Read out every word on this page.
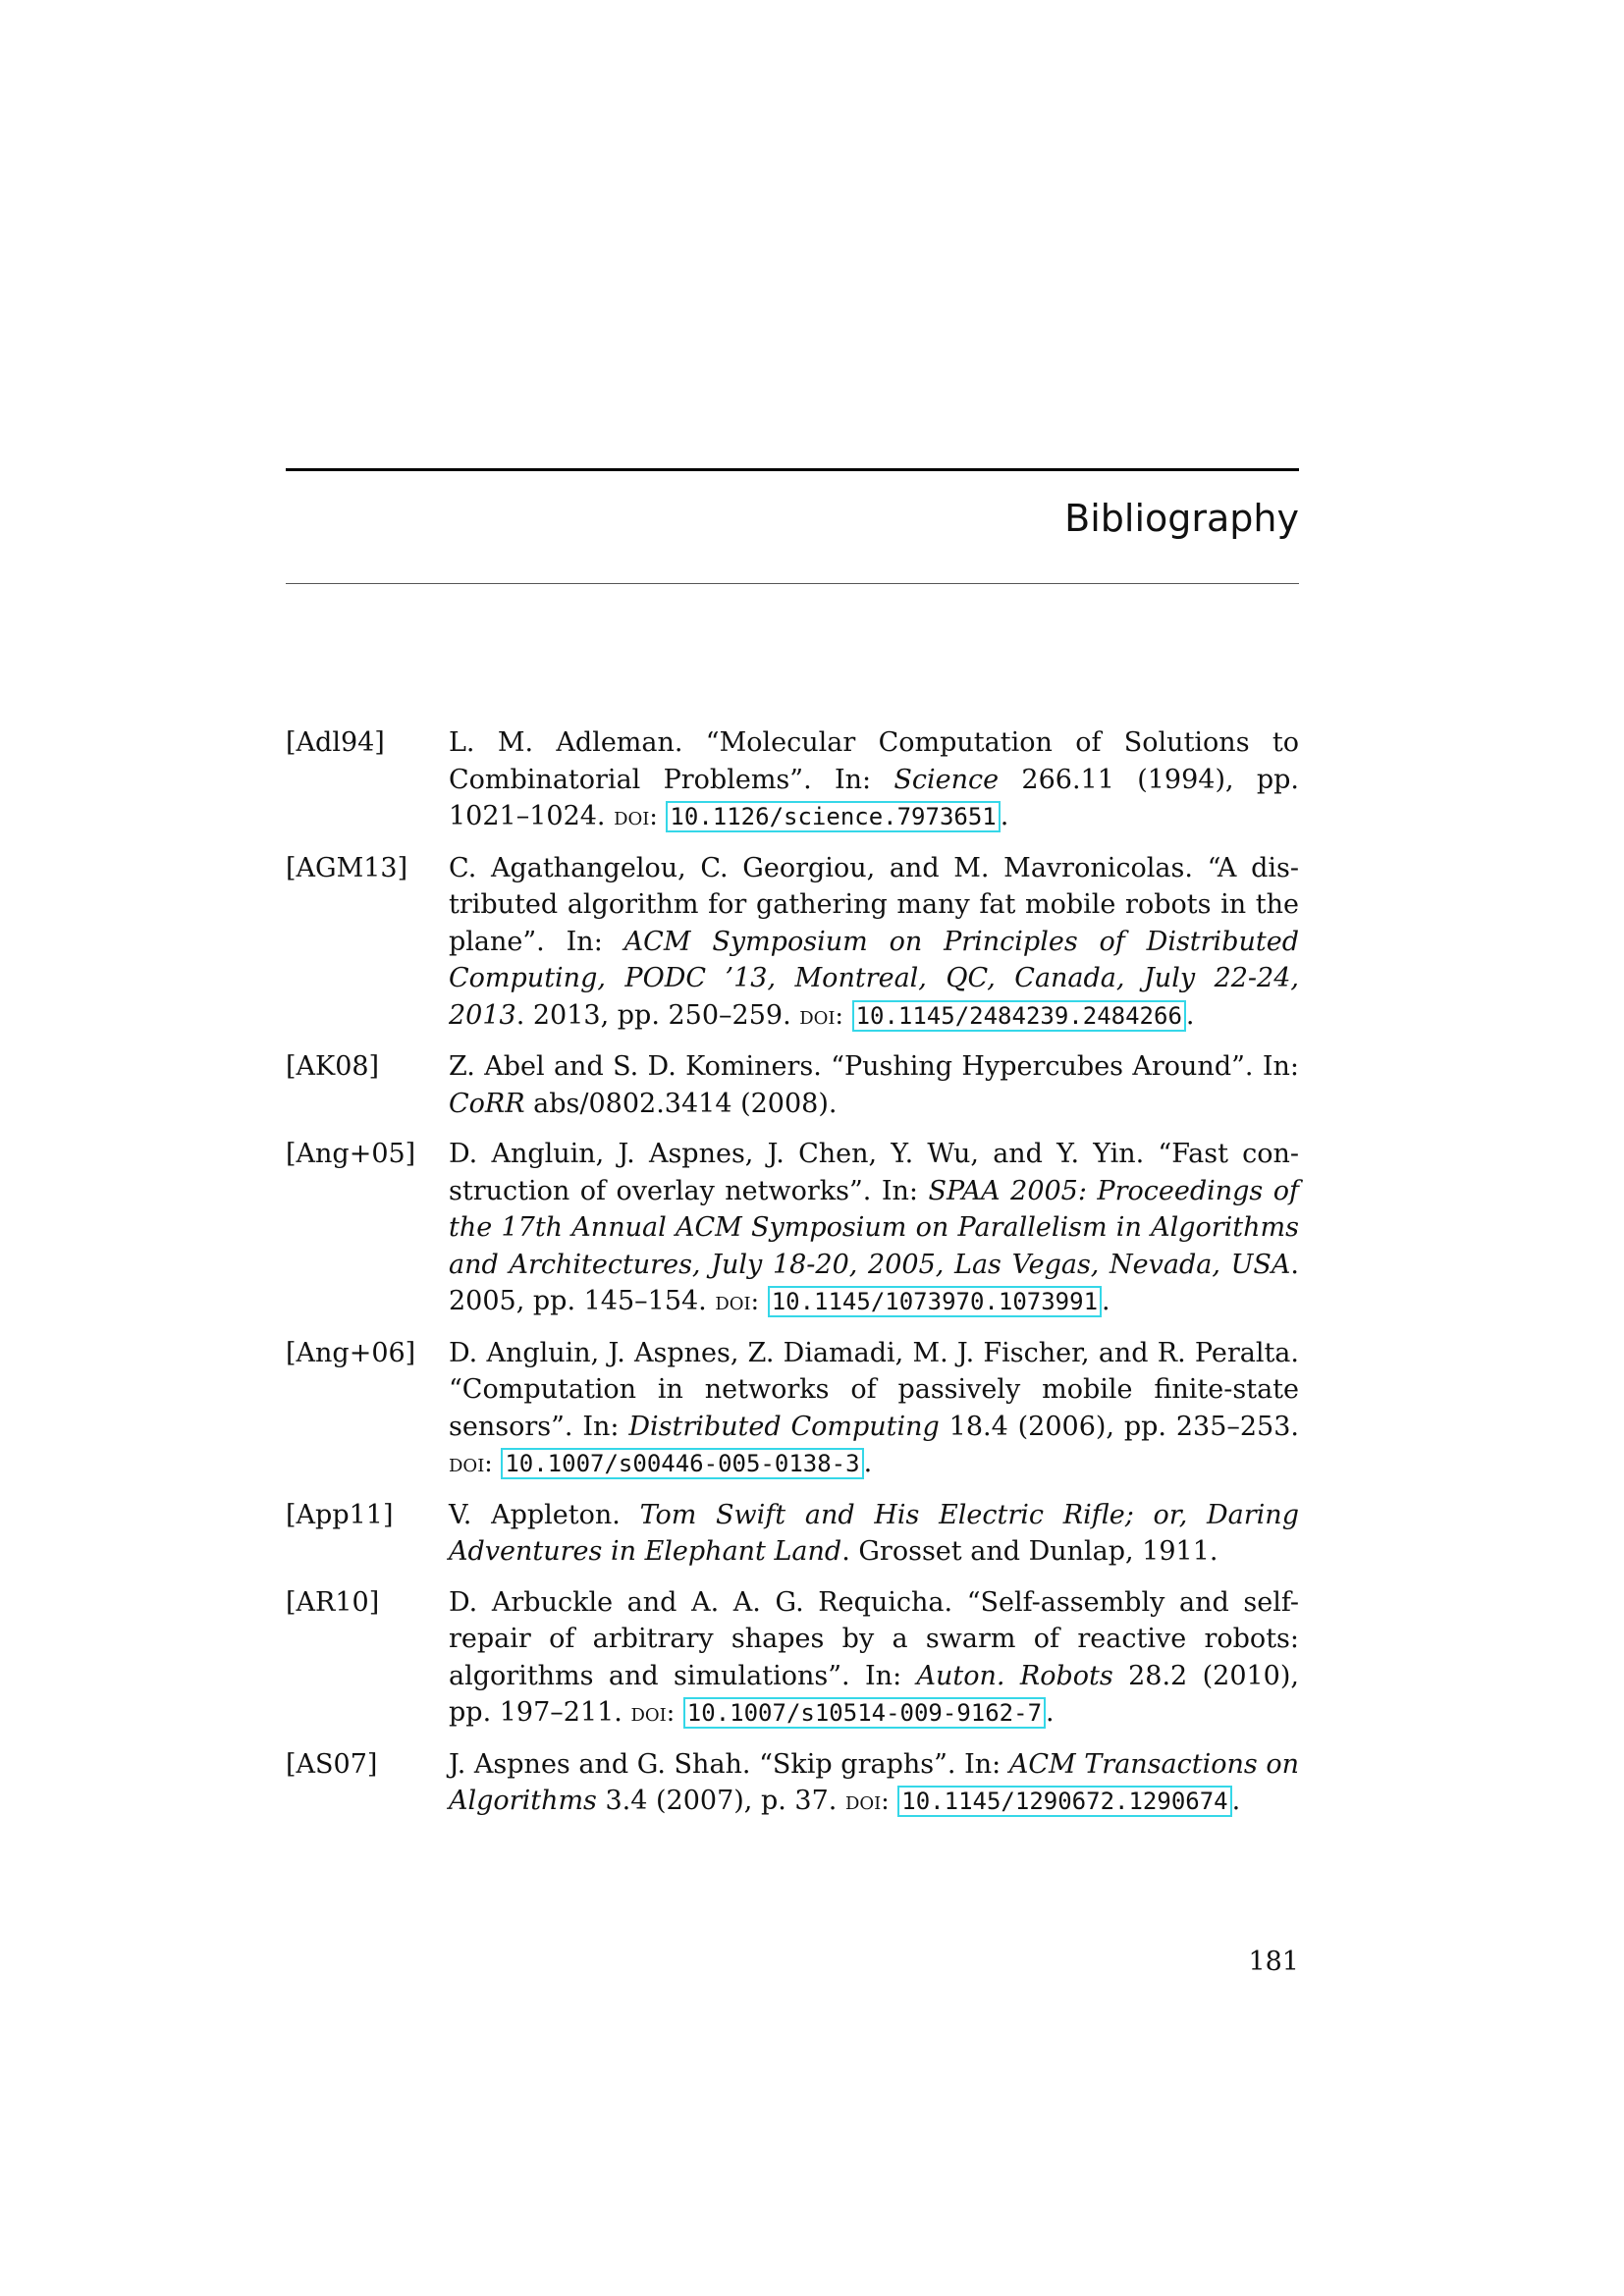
Bibliography
[Adl94]	L. M. Adleman. “Molecular Computation of Solutions to Combinatorial Problems”. In: Science 266.11 (1994), pp. 1021–1024. doi: 10.1126/science.7973651 .
[AGM13]	C. Agathangelou, C. Georgiou, and M. Mavronicolas. “A distributed algorithm for gathering many fat mobile robots in the plane”. In: ACM Symposium on Principles of Distributed Computing, PODC ’13, Montreal, QC, Canada, July 22-24, 2013. 2013, pp. 250–259. doi: 10.1145/2484239.2484266 .
[AK08]	Z. Abel and S. D. Kominers. “Pushing Hypercubes Around”. In: CoRR abs/0802.3414 (2008).
[Ang+05]	D. Angluin, J. Aspnes, J. Chen, Y. Wu, and Y. Yin. “Fast construction of overlay networks”. In: SPAA 2005: Proceedings of the 17th Annual ACM Symposium on Parallelism in Algorithms and Architectures, July 18-20, 2005, Las Vegas, Nevada, USA. 2005, pp. 145–154. doi: 10.1145/1073970.1073991 .
[Ang+06]	D. Angluin, J. Aspnes, Z. Diamadi, M. J. Fischer, and R. Peralta. “Computation in networks of passively mobile finite-state sensors”. In: Distributed Computing 18.4 (2006), pp. 235–253. doi: 10.1007/s00446-005-0138-3 .
[App11]	V. Appleton. Tom Swift and His Electric Rifle; or, Daring Adventures in Elephant Land. Grosset and Dunlap, 1911.
[AR10]	D. Arbuckle and A. A. G. Requicha. “Self-assembly and self-repair of arbitrary shapes by a swarm of reactive robots: algorithms and simulations”. In: Auton. Robots 28.2 (2010), pp. 197–211. doi: 10.1007/s10514-009-9162-7 .
[AS07]	J. Aspnes and G. Shah. “Skip graphs”. In: ACM Transactions on Algorithms 3.4 (2007), p. 37. doi: 10.1145/1290672.1290674 .
181
